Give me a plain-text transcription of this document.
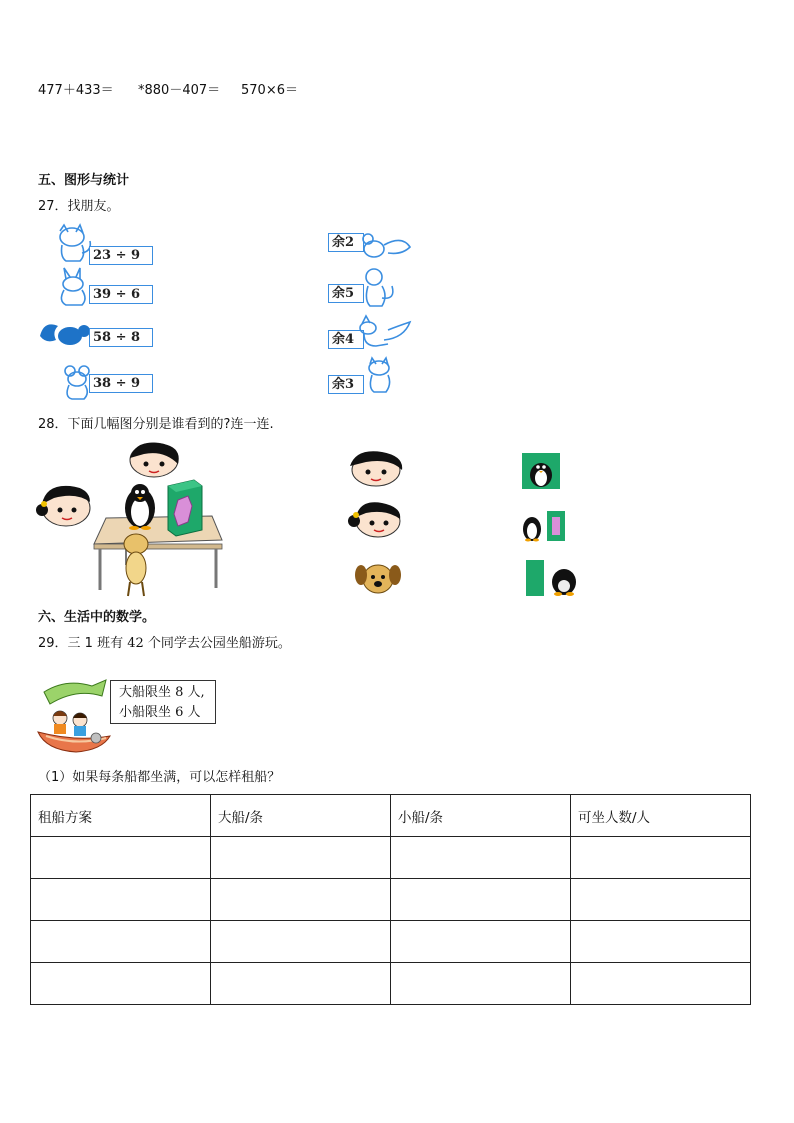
477＋433＝ *880－407＝ 570×6＝
五、图形与统计
27．找朋友。
23 ÷ 9
39 ÷ 6
58 ÷ 8
38 ÷ 9
余2
余5
余4
余3
28．下面几幅图分别是谁看到的?连一连.
六、生活中的数学。
29．三 1 班有 42 个同学去公园坐船游玩。
大船限坐 8 人,
小船限坐 6 人
（1）如果每条船都坐满，可以怎样租船？
租船方案	大船/条	小船/条	可坐人数/人
